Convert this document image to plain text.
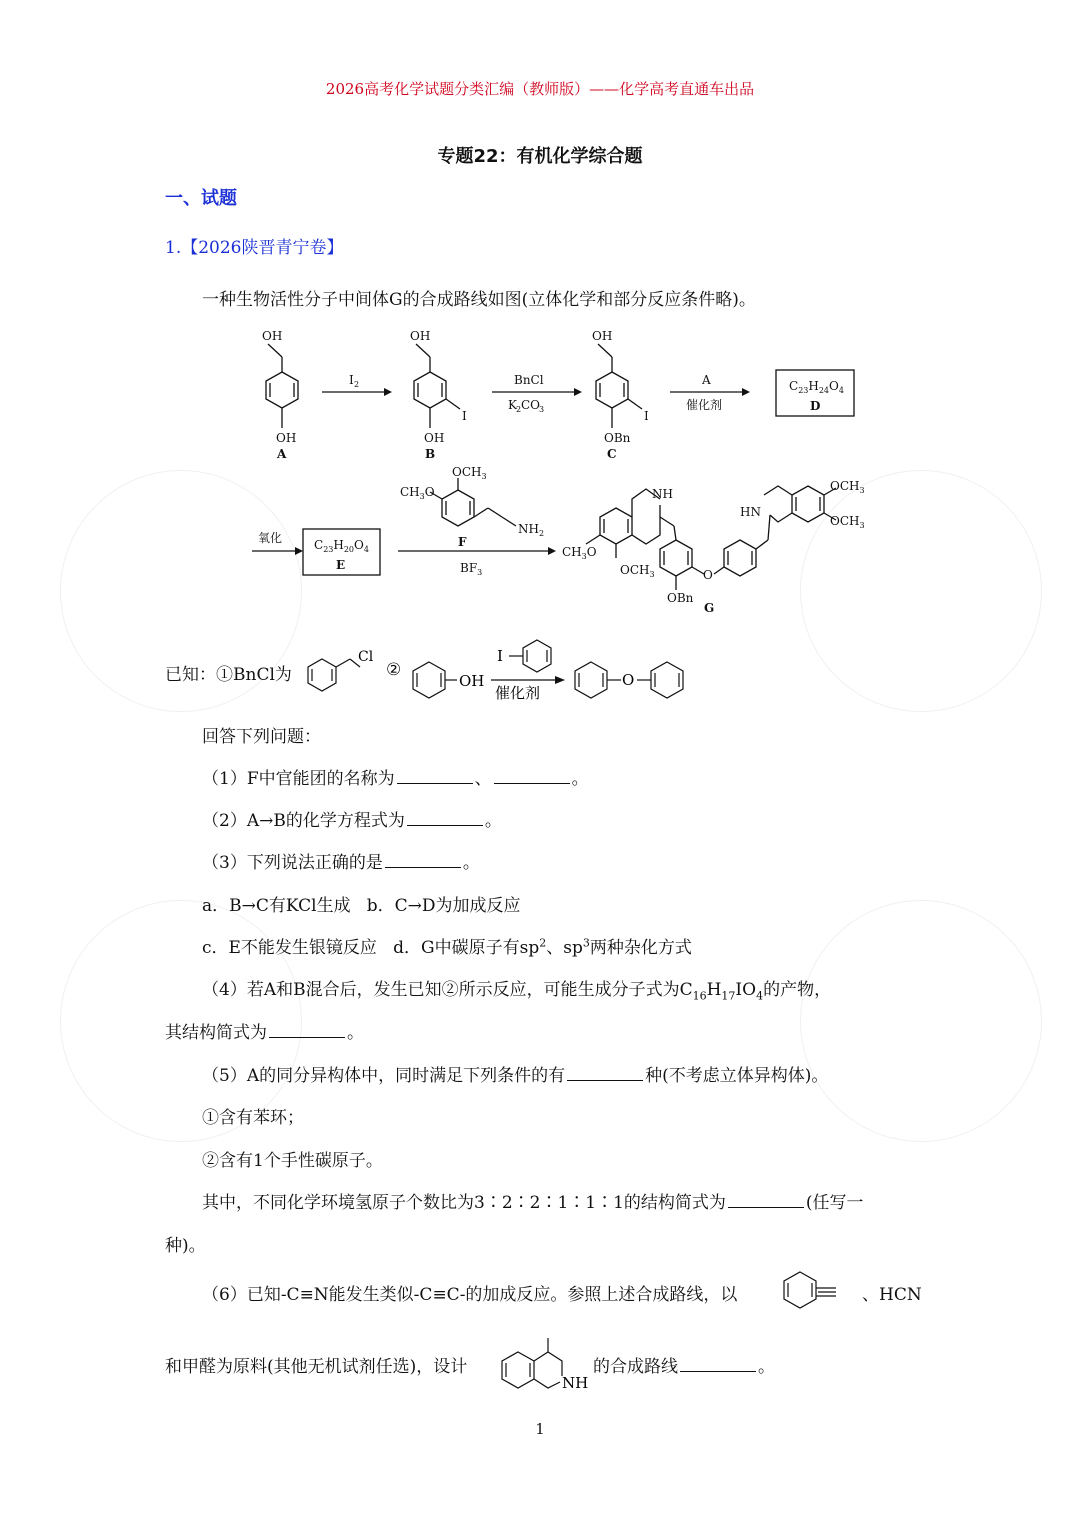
2026高考化学试题分类汇编（教师版）——化学高考直通车出品
专题22：有机化学综合题
一、试题
1.【2026陕晋青宁卷】
一种生物活性分子中间体G的合成路线如图(立体化学和部分反应条件略)。
OH
OH
A
OH
OH
I
B
OH
OBn
I
C
I 2	BnCl
K 2 CO
3
A
催化剂
$C_{23}H_{24}O_4$
D
氧化	$C_{23}H_{20}O_4$
E
$OCH_3$
$CH_3O$
$NH_2$
F
$BF_3$
NH
$CH_3O$
$OCH_3$
OBn
G
O
HN
$OCH_3$
$OCH_3$
已知：①BnCl为
Cl
②
OH
I
催化剂
O
回答下列问题：
（1）F中官能团的名称为	、	。
（2）A→B的化学方程式为	。
（3）下列说法正确的是	。
a．B→C有KCl生成 b．C→D为加成反应
c．E不能发生银镜反应 d．G中碳原子有$sp^2$、$sp^3$两种杂化方式
（4）若A和B混合后，发生已知②所示反应，可能生成分子式为$C_{16}H_{17}IO_4$的产物，
其结构简式为	。
（5）A的同分异构体中，同时满足下列条件的有	种(不考虑立体异构体)。
①含有苯环；
②含有1个手性碳原子。
其中，不同化学环境氢原子个数比为3∶2∶2∶1∶1∶1的结构简式为	(任写一
种)。
（6）已知-C≡N能发生类似-C≡C-的加成反应。参照上述合成路线，以	、HCN
和甲醛为原料(其他无机试剂任选)，设计
NH
的合成路线	。
1
